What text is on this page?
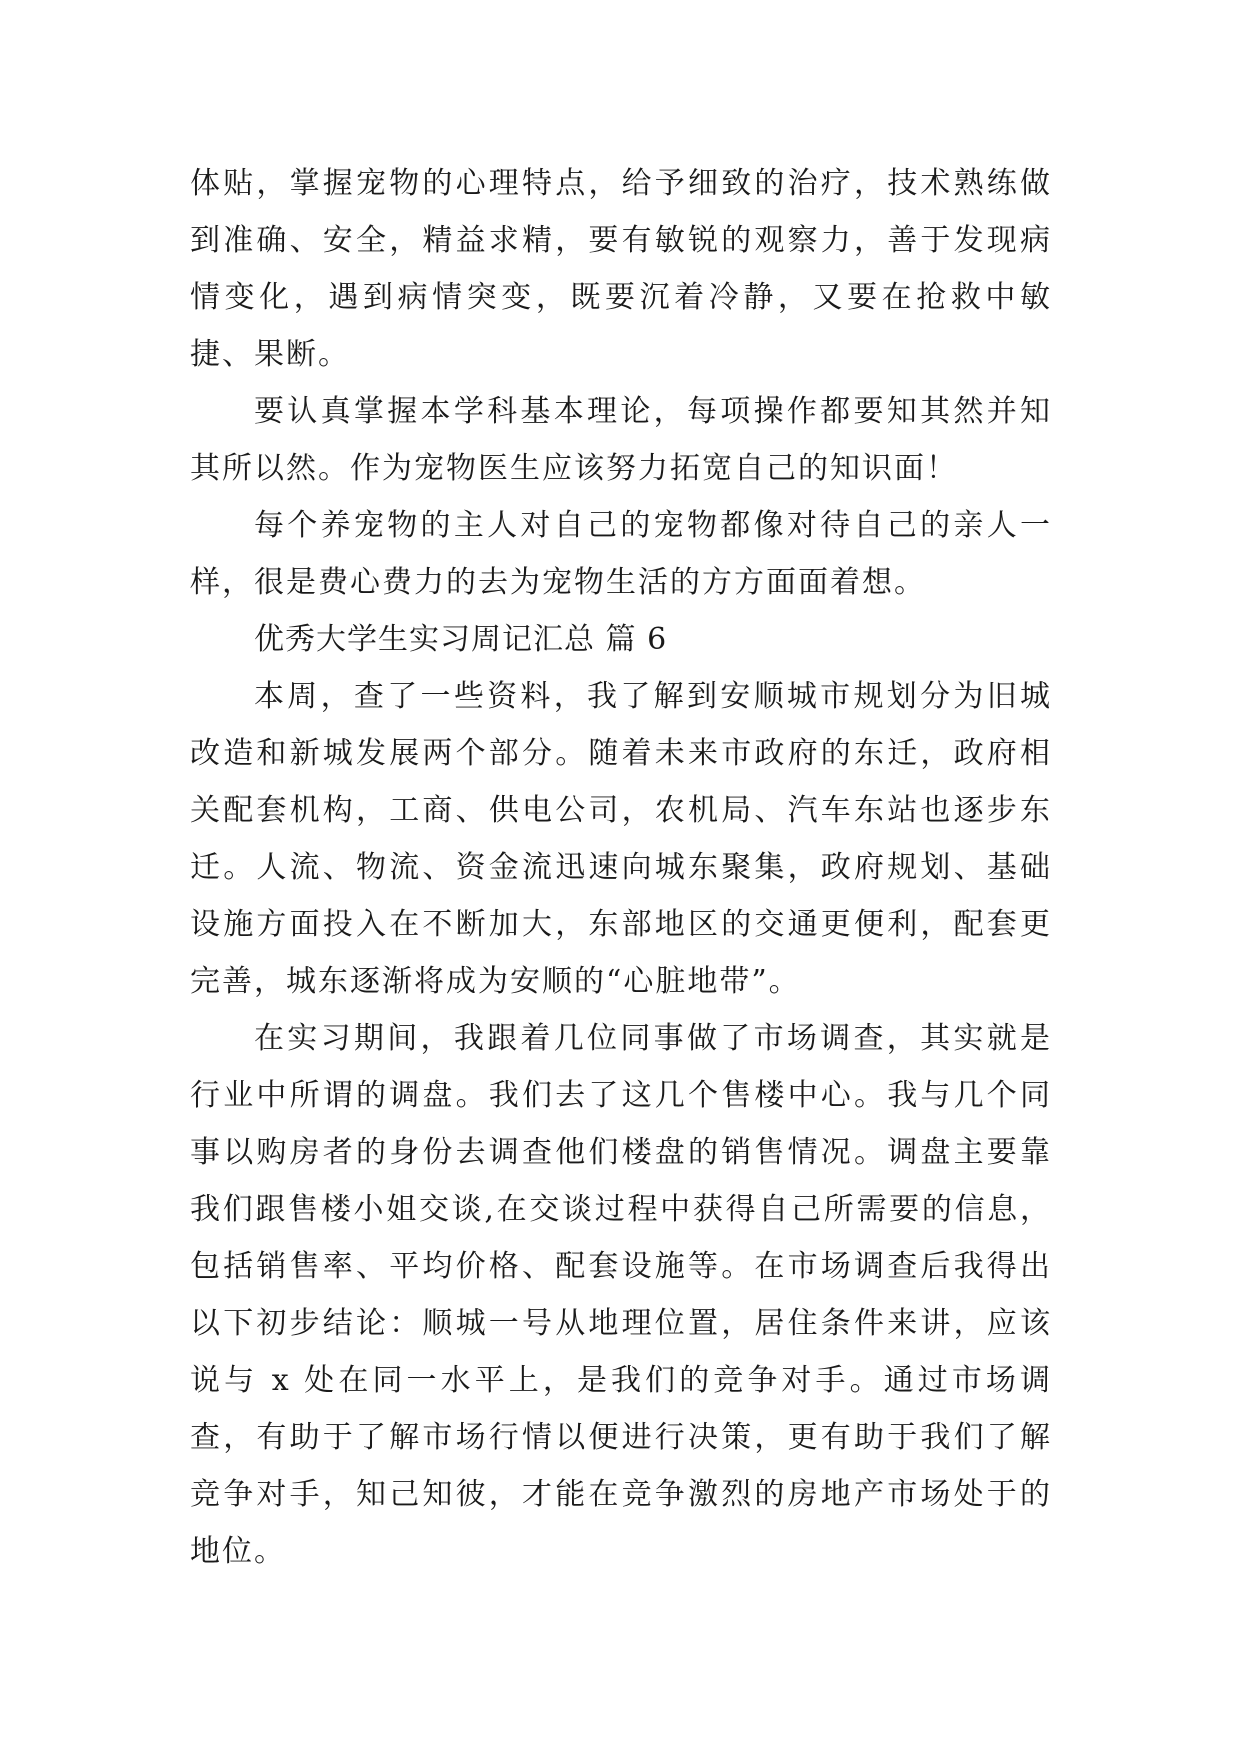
体贴，掌握宠物的心理特点，给予细致的治疗，技术熟练做到准确、安全，精益求精，要有敏锐的观察力，善于发现病情变化，遇到病情突变，既要沉着冷静，又要在抢救中敏捷、果断。

要认真掌握本学科基本理论，每项操作都要知其然并知其所以然。作为宠物医生应该努力拓宽自己的知识面！

每个养宠物的主人对自己的宠物都像对待自己的亲人一样，很是费心费力的去为宠物生活的方方面面着想。

优秀大学生实习周记汇总 篇 6

本周，查了一些资料，我了解到安顺城市规划分为旧城改造和新城发展两个部分。随着未来市政府的东迁，政府相关配套机构，工商、供电公司，农机局、汽车东站也逐步东迁。人流、物流、资金流迅速向城东聚集，政府规划、基础设施方面投入在不断加大，东部地区的交通更便利，配套更完善，城东逐渐将成为安顺的“心脏地带”。

在实习期间，我跟着几位同事做了市场调查，其实就是行业中所谓的调盘。我们去了这几个售楼中心。我与几个同事以购房者的身份去调查他们楼盘的销售情况。调盘主要靠我们跟售楼小姐交谈,在交谈过程中获得自己所需要的信息，包括销售率、平均价格、配套设施等。在市场调查后我得出以下初步结论：顺城一号从地理位置，居住条件来讲，应该说与 x 处在同一水平上，是我们的竞争对手。通过市场调查，有助于了解市场行情以便进行决策，更有助于我们了解竞争对手，知己知彼，才能在竞争激烈的房地产市场处于的地位。
